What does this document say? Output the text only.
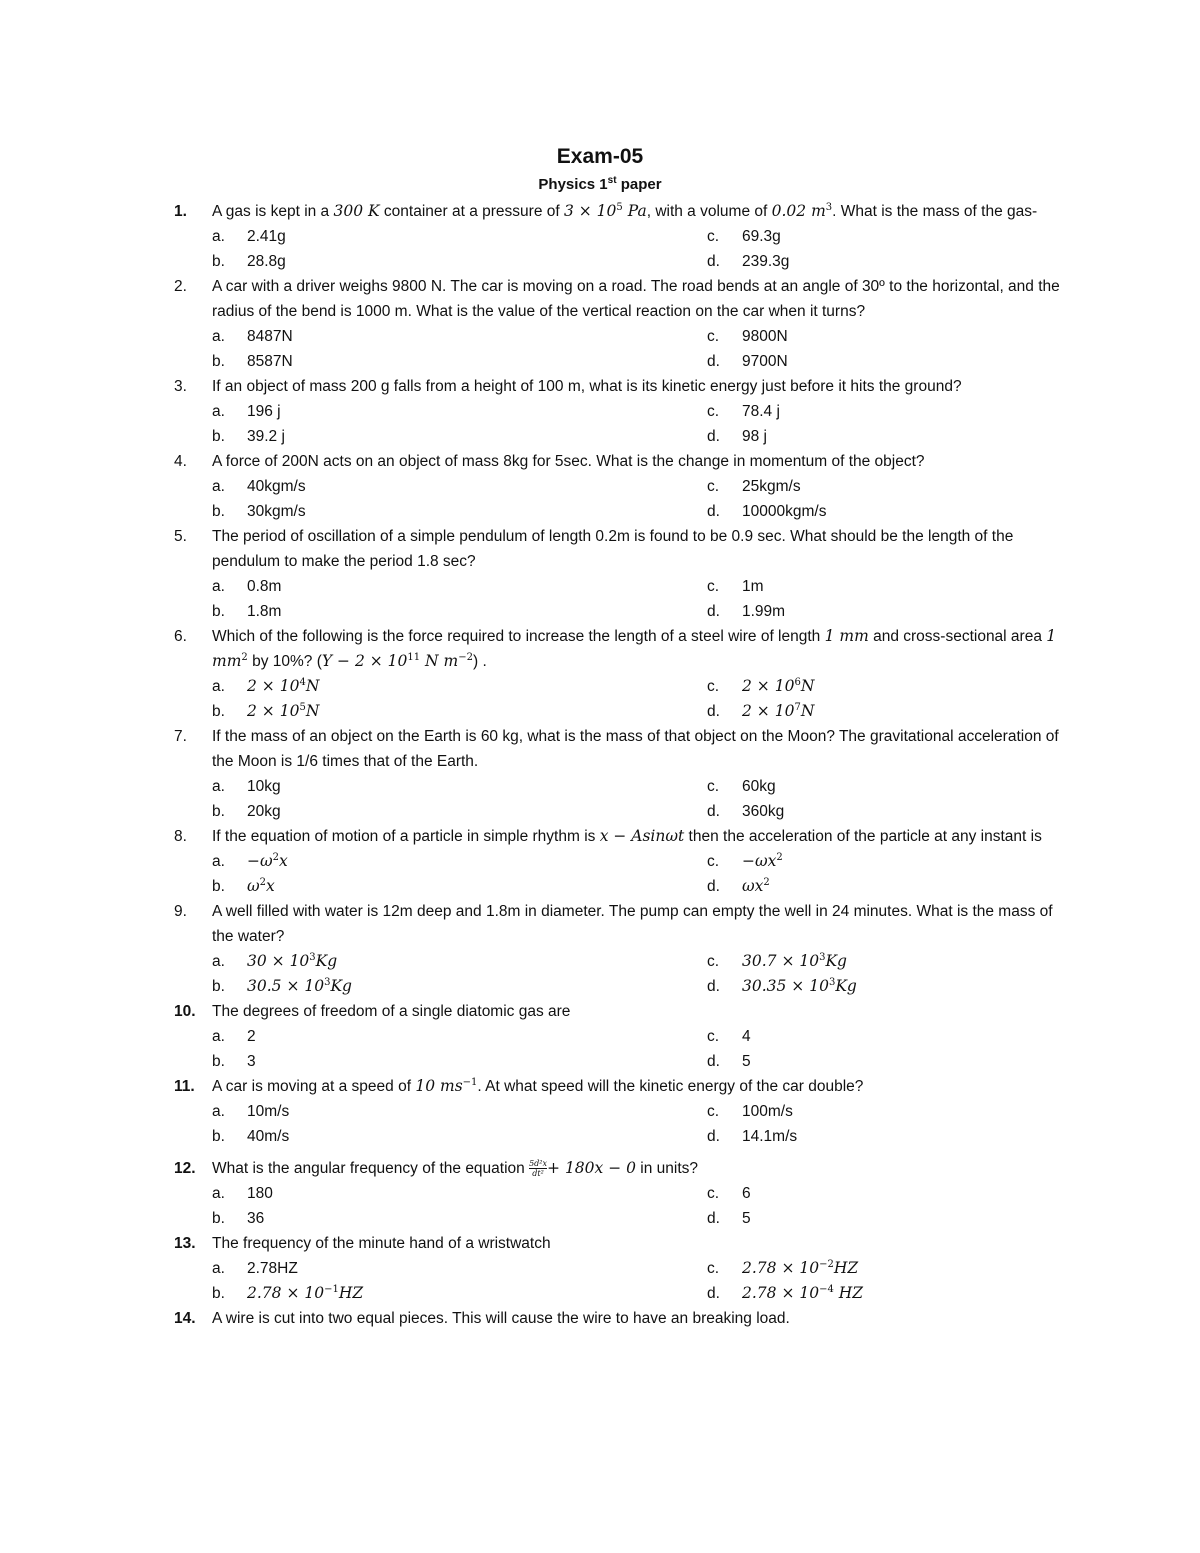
Exam-05
Physics 1st paper
1.	A gas is kept in a 300 K container at a pressure of $3 \times 10^5$ Pa, with a volume of 0.02 $m^3$. What is the mass of the gas-
a. 2.41g	c. 69.3g
b. 28.8g	d. 239.3g
2.	A car with a driver weighs 9800 N. The car is moving on a road. The road bends at an angle of 30º to the horizontal, and the radius of the bend is 1000 m. What is the value of the vertical reaction on the car when it turns?
a. 8487N	c. 9800N
b. 8587N	d. 9700N
3.	If an object of mass 200 g falls from a height of 100 m, what is its kinetic energy just before it hits the ground?
a. 196 j	c. 78.4 j
b. 39.2 j	d. 98 j
4.	A force of 200N acts on an object of mass 8kg for 5sec. What is the change in momentum of the object?
a. 40kgm/s	c. 25kgm/s
b. 30kgm/s	d. 10000kgm/s
5.	The period of oscillation of a simple pendulum of length 0.2m is found to be 0.9 sec. What should be the length of the pendulum to make the period 1.8 sec?
a. 0.8m	c. 1m
b. 1.8m	d. 1.99m
6.	Which of the following is the force required to increase the length of a steel wire of length 1 mm and cross-sectional area 1 $mm^2$ by 10%? ($Y - 2 \times 10^{11}$ N $m^{-2}$) .
a. $2 \times 10^4N$	c. $2 \times 10^6N$
b. $2 \times 10^5N$	d. $2 \times 10^7N$
7.	If the mass of an object on the Earth is 60 kg, what is the mass of that object on the Moon? The gravitational acceleration of the Moon is 1/6 times that of the Earth.
a. 10kg	c. 60kg
b. 20kg	d. 360kg
8.	If the equation of motion of a particle in simple rhythm is x − Asinωt then the acceleration of the particle at any instant is
a. $-\omega^2x$	c. $-\omega x^2$
b. $\omega^2x$	d. $\omega x^2$
9.	A well filled with water is 12m deep and 1.8m in diameter. The pump can empty the well in 24 minutes. What is the mass of the water?
a. $30 \times 10^3Kg$	c. $30.7 \times 10^3Kg$
b. $30.5 \times 10^3Kg$	d. $30.35 \times 10^3Kg$
10.	The degrees of freedom of a single diatomic gas are
a. 2	c. 4
b. 3	d. 5
11.	A car is moving at a speed of 10 $ms^{-1}$. At what speed will the kinetic energy of the car double?
a. 10m/s	c. 100m/s
b. 40m/s	d. 14.1m/s
12.	What is the angular frequency of the equation $\frac{\text{5d²x}}{\text{dt²}} + 180x - 0$ in units?
a. 180	c. 6
b. 36	d. 5
13.	The frequency of the minute hand of a wristwatch
a. 2.78HZ	c. $2.78 \times 10^{-2}HZ$
b. $2.78 \times 10^{-1}HZ$	d. $2.78 \times 10^{-4}$ HZ
14.	A wire is cut into two equal pieces. This will cause the wire to have an breaking load.
